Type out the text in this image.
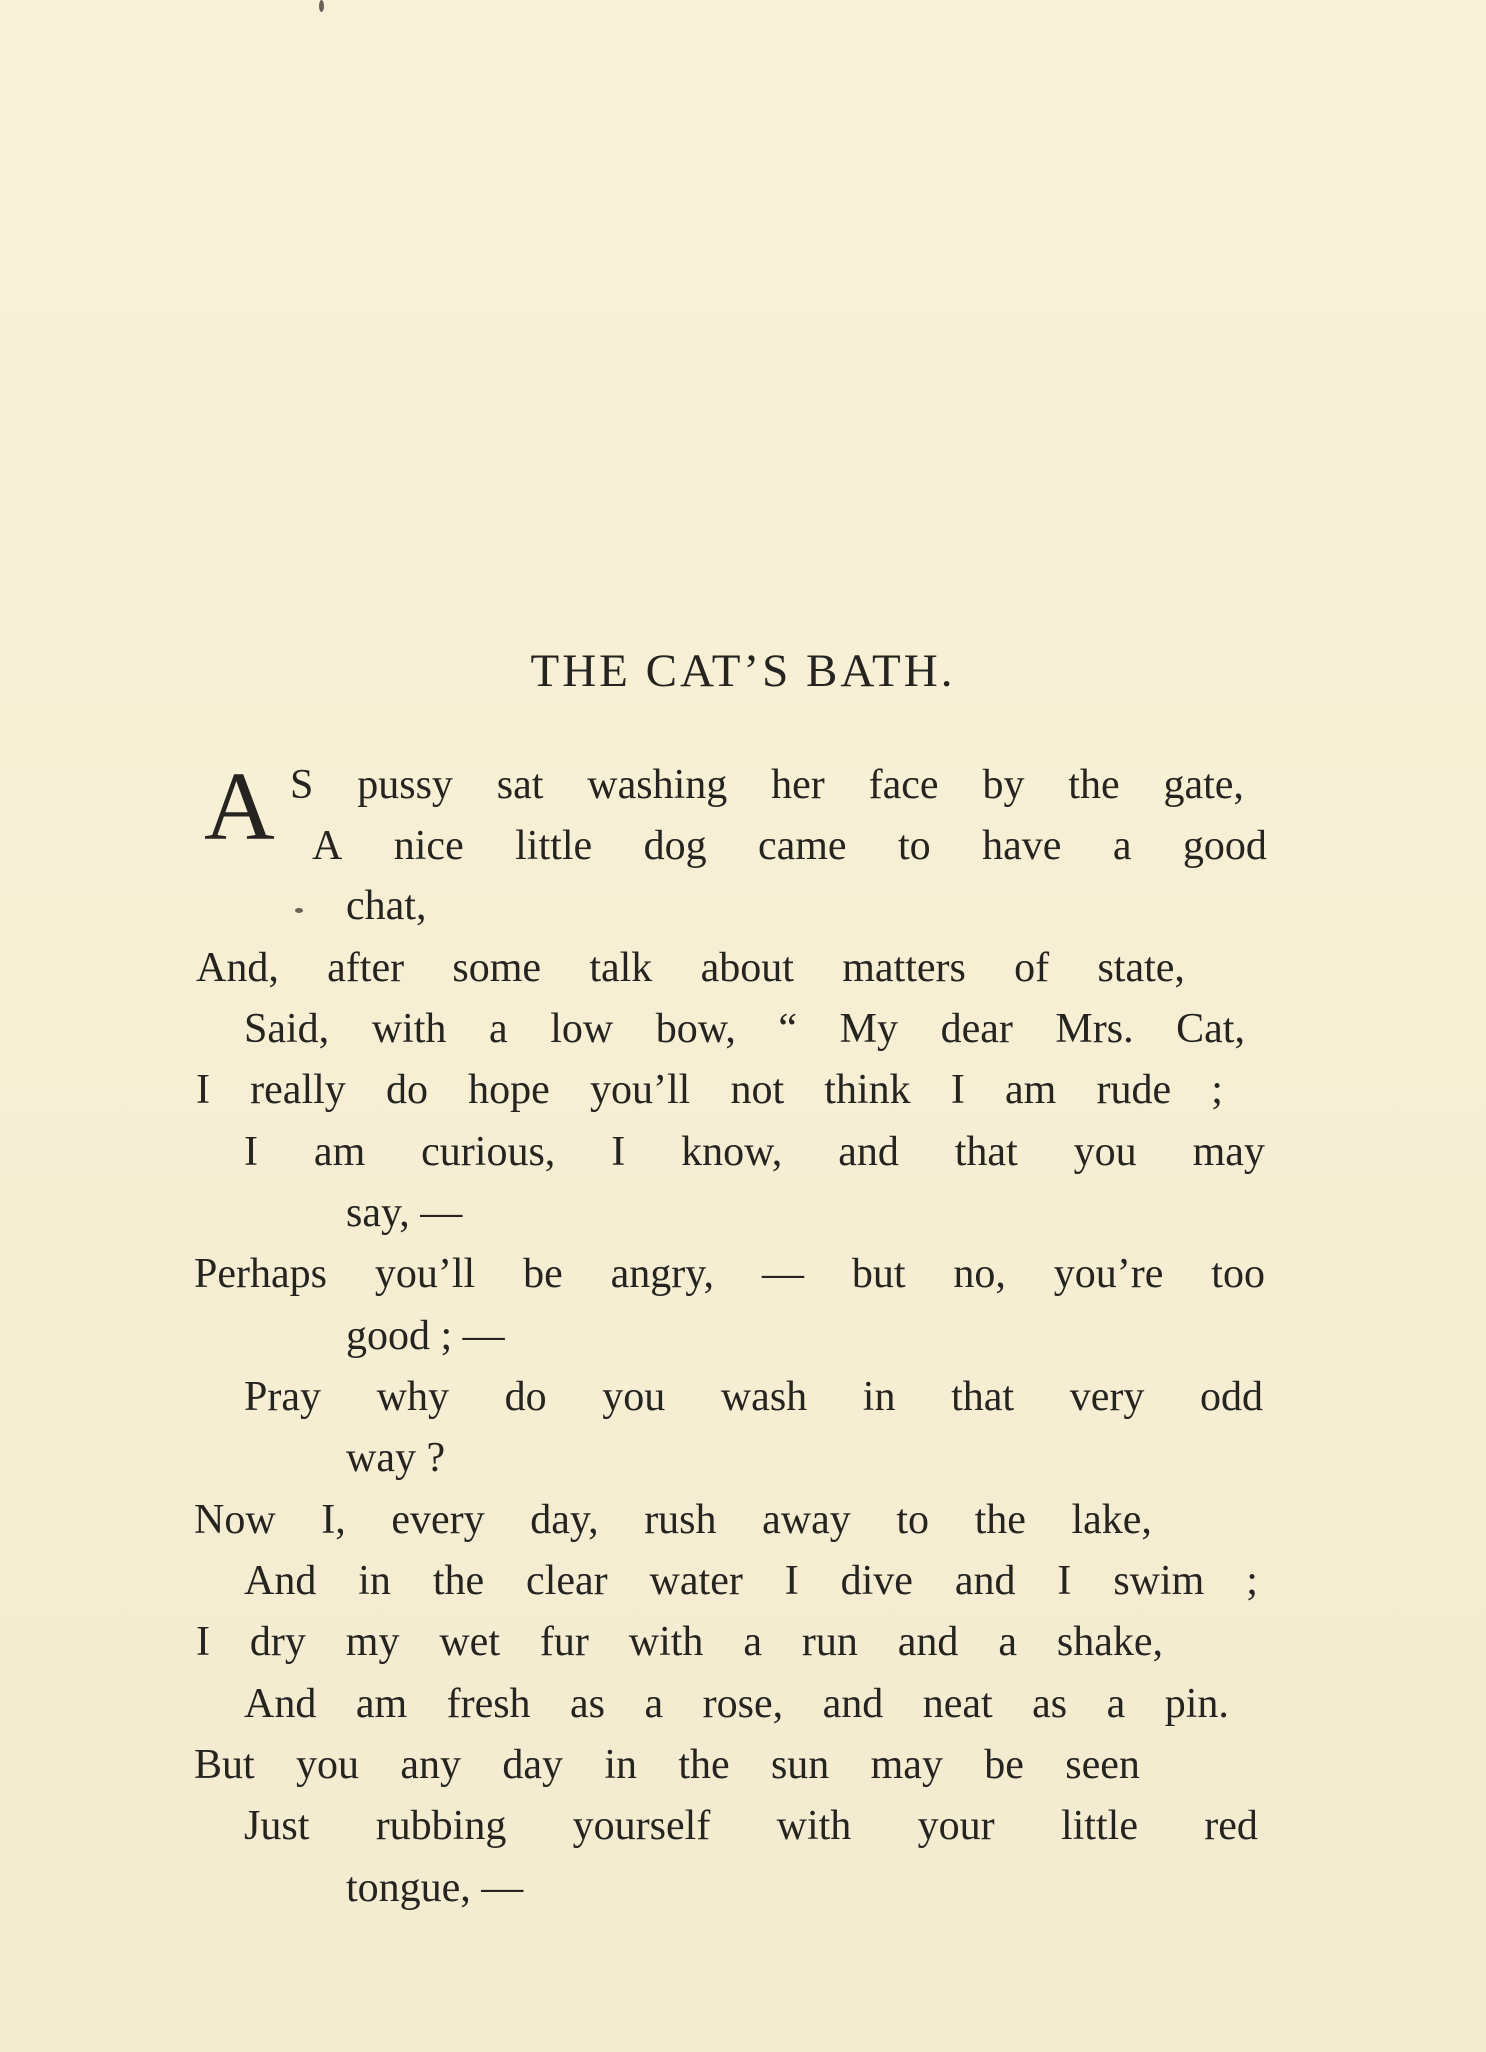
THE CAT’S BATH.
A S pussy sat washing her face by the gate,
A nice little dog came to have a good
chat,
And, after some talk about matters of state,
Said, with a low bow, “ My dear Mrs. Cat,
I really do hope you’ll not think I am rude ;
I am curious, I know, and that you may
say, —
Perhaps you’ll be angry, — but no, you’re too
good ; —
Pray why do you wash in that very odd
way ?
Now I, every day, rush away to the lake,
And in the clear water I dive and I swim ;
I dry my wet fur with a run and a shake,
And am fresh as a rose, and neat as a pin.
But you any day in the sun may be seen
Just rubbing yourself with your little red
tongue, —
